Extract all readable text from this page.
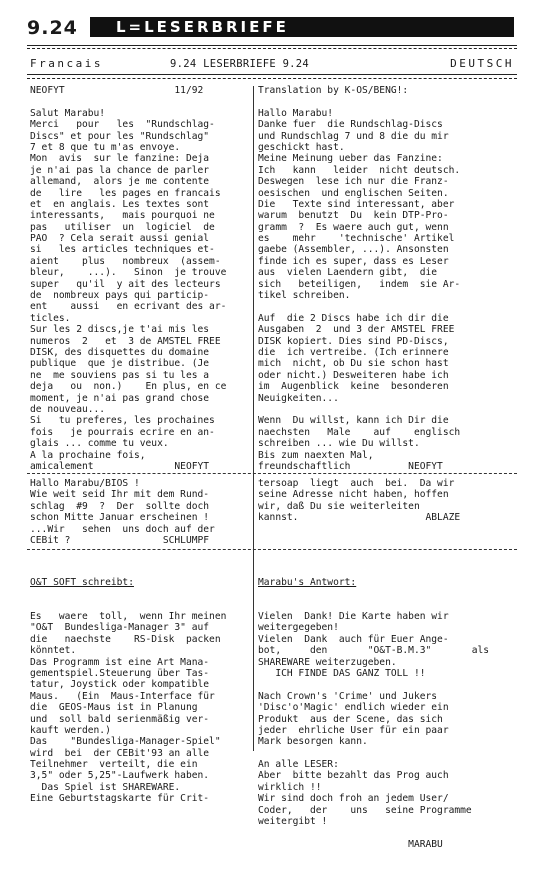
9.24	L=LESERBRIEFE
Francais	9.24 LESERBRIEFE 9.24	DEUTSCH
NEOFYT                   11/92

Salut Marabu!
Merci   pour   les  "Rundschlag-
Discs" et pour les "Rundschlag"
7 et 8 que tu m'as envoye.
Mon  avis  sur le fanzine: Deja
je n'ai pas la chance de parler
allemand,  alors je me contente
de   lire   les pages en francais
et  en anglais. Les textes sont
interessants,   mais pourquoi ne
pas   utiliser  un  logiciel  de
PAO  ? Cela serait aussi genial
si   les articles techniques et-
aient    plus   nombreux  (assem-
bleur,    ...).   Sinon  je trouve
super   qu'il  y ait des lecteurs
de  nombreux pays qui particip-
ent    aussi   en ecrivant des ar-
ticles.
Sur les 2 discs,je t'ai mis les
numeros  2   et  3 de AMSTEL FREE
DISK, des disquettes du domaine
publique  que je distribue. (Je
ne  me souviens pas si tu les a
deja   ou  non.)    En plus, en ce
moment, je n'ai pas grand chose
de nouveau...
Si   tu preferes, les prochaines
fois   je pourrais ecrire en an-
glais ... comme tu veux.
A la prochaine fois,
amicalement              NEOFYT
Translation by K-OS/BENG!:

Hallo Marabu!
Danke fuer  die Rundschlag-Discs
und Rundschlag 7 und 8 die du mir
geschickt hast.
Meine Meinung ueber das Fanzine:
Ich   kann   leider  nicht deutsch.
Deswegen  lese ich nur die Franz-
oesischen  und englischen Seiten.
Die   Texte sind interessant, aber
warum  benutzt  Du  kein DTP-Pro-
gramm  ?  Es waere auch gut, wenn
es    mehr    'technische' Artikel
gaebe (Assembler, ...). Ansonsten
finde ich es super, dass es Leser
aus  vielen Laendern gibt,  die
sich   beteiligen,   indem  sie Ar-
tikel schreiben.

Auf  die 2 Discs habe ich dir die
Ausgaben  2  und 3 der AMSTEL FREE
DISK kopiert. Dies sind PD-Discs,
die  ich vertreibe. (Ich erinnere
mich  nicht, ob Du sie schon hast
oder nicht.) Desweiteren habe ich
im  Augenblick  keine  besonderen
Neuigkeiten...

Wenn  Du willst, kann ich Dir die
naechsten   Male    auf    englisch
schreiben ... wie Du willst.
Bis zum naexten Mal,
freundschaftlich          NEOFYT
Hallo Marabu/BIOS !
Wie weit seid Ihr mit dem Rund-
schlag  #9  ?  Der  sollte doch
schon Mitte Januar erscheinen !
...Wir   sehen  uns doch auf der
CEBit ?                SCHLUMPF
tersoap  liegt  auch  bei.  Da wir
seine Adresse nicht haben, hoffen
wir, daß Du sie weiterleiten
kannst.                      ABLAZE

O&T SOFT schreibt:

Es   waere  toll,  wenn Ihr meinen
"O&T  Bundesliga-Manager 3" auf
die   naechste    RS-Disk  packen
könntet.
Das Programm ist eine Art Mana-
gementspiel.Steuerung über Tas-
tatur, Joystick oder kompatible
Maus.   (Ein  Maus-Interface für
die  GEOS-Maus ist in Planung
und  soll bald serienmäßig ver-
kauft werden.)
Das    "Bundesliga-Manager-Spiel"
wird  bei  der CEBit'93 an alle
Teilnehmer  verteilt, die ein
3,5" oder 5,25"-Laufwerk haben.
Das Spiel ist SHAREWARE.
Eine Geburtstagskarte für Crit-

Marabu's Antwort:

Vielen  Dank! Die Karte haben wir
weitergegeben!
Vielen  Dank  auch für Euer Ange-
bot,     den       "O&T-B.M.3"       als
SHAREWARE weiterzugeben.
ICH FINDE DAS GANZ TOLL !!

Nach Crown's 'Crime' und Jukers
'Disc'o'Magic' endlich wieder ein
Produkt  aus der Scene, das sich
jeder  ehrliche User für ein paar
Mark besorgen kann.

An alle LESER:
Aber  bitte bezahlt das Prog auch
wirklich !!
Wir sind doch froh an jedem User/
Coder,   der    uns   seine Programme
weitergibt !

MARABU
